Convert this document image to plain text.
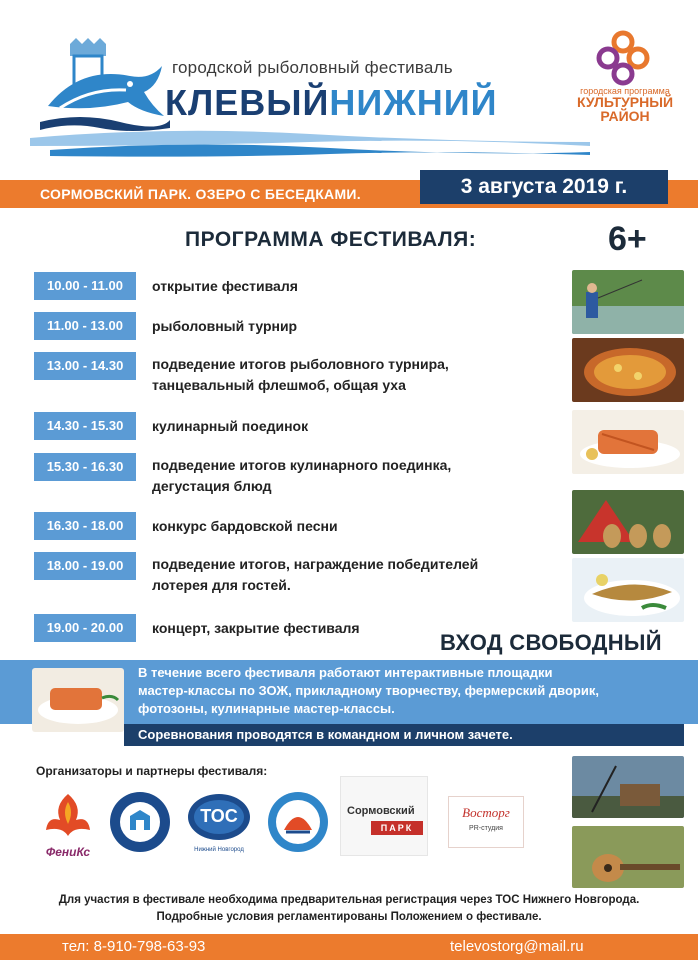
городской рыболовный фестиваль
КЛЕВЫЙНИЖНИЙ	городская программа
КУЛЬТУРНЫЙ
РАЙОН
СОРМОВСКИЙ ПАРК. ОЗЕРО С БЕСЕДКАМИ.	3 августа 2019 г.
ПРОГРАММА ФЕСТИВАЛЯ:	6+
10.00 - 11.00	открытие фестиваля
11.00 - 13.00	рыболовный турнир
13.00 - 14.30	подведение итогов рыболовного турнира,
танцевальный флешмоб, общая уха
14.30 - 15.30	кулинарный поединок
15.30 - 16.30	подведение итогов кулинарного поединка,
дегустация блюд
16.30 - 18.00	конкурс бардовской песни
18.00 - 19.00	подведение итогов, награждение победителей
лотерея для гостей.
19.00 - 20.00	концерт, закрытие фестиваля
ВХОД СВОБОДНЫЙ
В течение всего фестиваля работают интерактивные площадки
мастер-классы по ЗОЖ, прикладному творчеству, фермерский дворик,
фотозоны, кулинарные мастер-классы.
Соревнования проводятся в командном и личном зачете.
Организаторы и партнеры фестиваля:
ФениКс
ТОС
Нижний Новгород
Сормовский
ПАРК
Восторг
PR-студия
Для участия в фестивале необходима предварительная регистрация через ТОС Нижнего Новгорода.
Подробные условия регламентированы Положением о фестивале.
тел: 8-910-798-63-93	televostorg@mail.ru
